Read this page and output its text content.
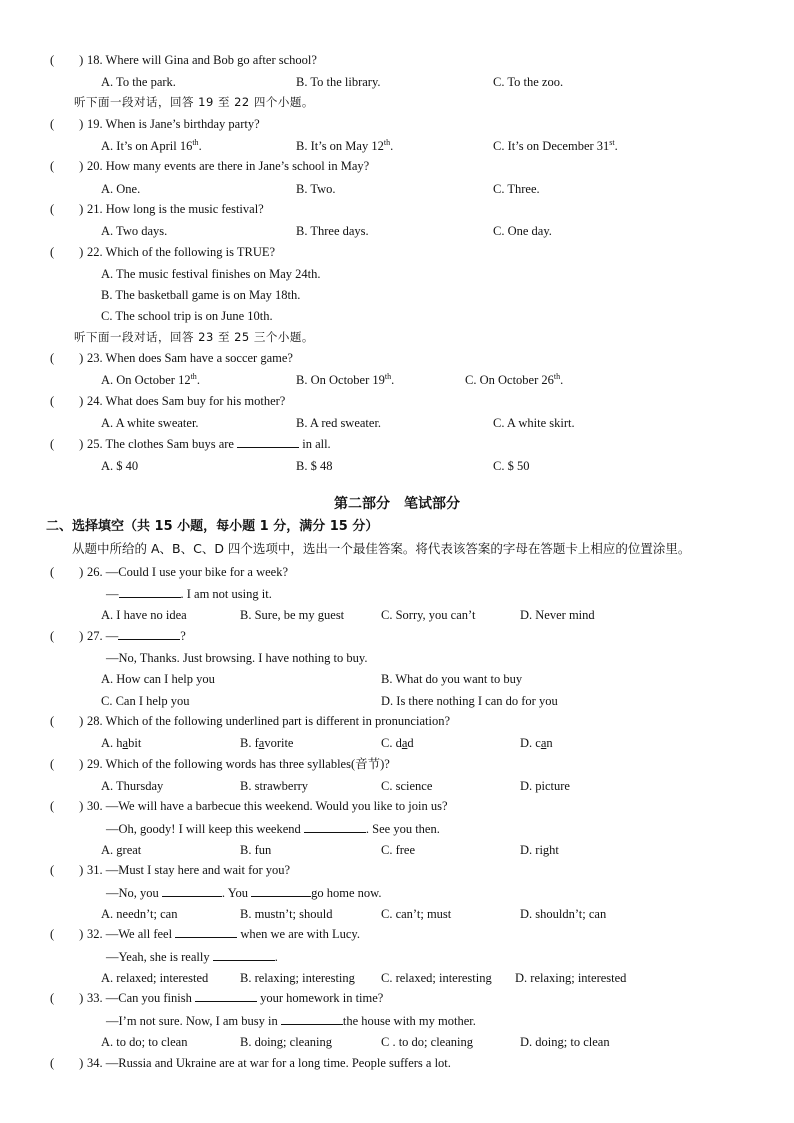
(　　) 18. Where will Gina and Bob go after school?
A. To the park.	B. To the library.	C. To the zoo.
听下面一段对话，回答 19 至 22 四个小题。
(　　) 19. When is Jane’s birthday party?
A. It’s on April 16th.	B. It’s on May 12th.	C. It’s on December 31st.
(　　) 20. How many events are there in Jane’s school in May?
A. One.	B. Two.	C. Three.
(　　) 21. How long is the music festival?
A. Two days.	B. Three days.	C. One day.
(　　) 22. Which of the following is TRUE?
A. The music festival finishes on May 24th.
B. The basketball game is on May 18th.
C. The school trip is on June 10th.
听下面一段对话，回答 23 至 25 三个小题。
(　　) 23. When does Sam have a soccer game?
A. On October 12th.	B. On October 19th.	C. On October 26th.
(　　) 24. What does Sam buy for his mother?
A. A white sweater.	B. A red sweater.	C. A white skirt.
(　　) 25. The clothes Sam buys are	in all.
A. $ 40	B. $ 48	C. $ 50
第二部分　笔试部分
二、选择填空（共 15 小题，每小题 1 分，满分 15 分）
从题中所给的 A、B、C、D 四个选项中，选出一个最佳答案。将代表该答案的字母在答题卡上相应的位置涂里。
(　　) 26. —Could I use your bike for a week?
—	. I am not using it.
A. I have no idea	B. Sure, be my guest	C. Sorry, you can’t	D. Never mind
(　　) 27. —	?
—No, Thanks. Just browsing. I have nothing to buy.
A. How can I help you	B. What do you want to buy
C. Can I help you	D. Is there nothing I can do for you
(　　) 28. Which of the following underlined part is different in pronunciation?
A. habit	B. favorite	C. dad	D. can
(　　) 29. Which of the following words has three syllables(音节)?
A. Thursday	B. strawberry	C. science	D. picture
(　　) 30. —We will have a barbecue this weekend. Would you like to join us?
—Oh, goody! I will keep this weekend	. See you then.
A. great	B. fun	C. free	D. right
(　　) 31. —Must I stay here and wait for you?
—No, you	. You	go home now.
A. needn’t; can	B. mustn’t; should	C. can’t; must	D. shouldn’t; can
(　　) 32. —We all feel	when we are with Lucy.
—Yeah, she is really	.
A. relaxed; interested	B. relaxing; interesting C. relaxed; interesting D. relaxing; interested
(　　) 33. —Can you finish	your homework in time?
—I’m not sure. Now, I am busy in	the house with my mother.
A. to do; to clean	B. doing; cleaning	C . to do; cleaning	D. doing; to clean
(　　) 34. —Russia and Ukraine are at war for a long time. People suffers a lot.
